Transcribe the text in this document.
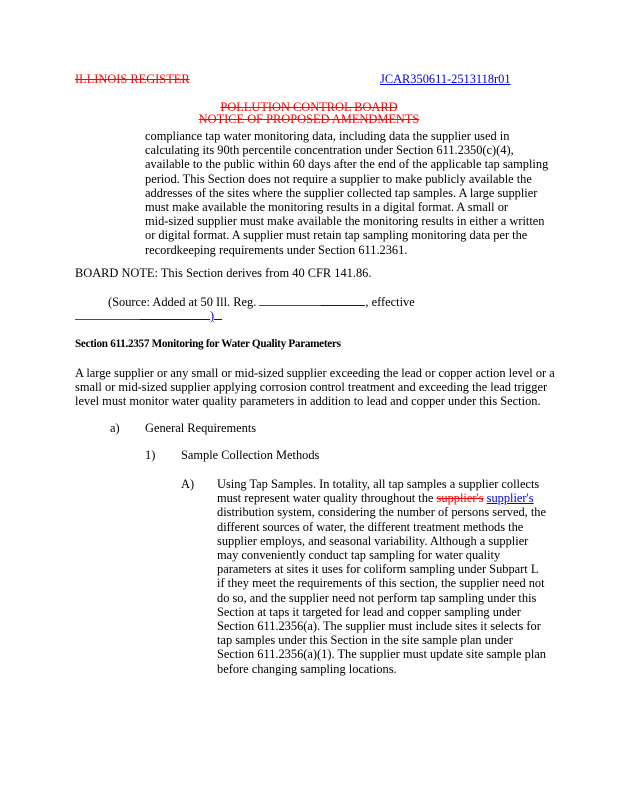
ILLINOIS REGISTER	JCAR350611-2513118r01
POLLUTION CONTROL BOARD
NOTICE OF PROPOSED AMENDMENTS
compliance tap water monitoring data, including data the supplier used in
calculating its 90th percentile concentration under Section 611.2350(c)(4),
available to the public within 60 days after the end of the applicable tap sampling
period. This Section does not require a supplier to make publicly available the
addresses of the sites where the supplier collected tap samples. A large supplier
must make available the monitoring results in a digital format. A small or
mid-sized supplier must make available the monitoring results in either a written
or digital format. A supplier must retain tap sampling monitoring data per the
recordkeeping requirements under Section 611.2361.
BOARD NOTE: This Section derives from 40 CFR 141.86.
(Source: Added at 50 Ill. Reg.	, effective
)
Section 611.2357 Monitoring for Water Quality Parameters
A large supplier or any small or mid-sized supplier exceeding the lead or copper action level or a
small or mid-sized supplier applying corrosion control treatment and exceeding the lead trigger
level must monitor water quality parameters in addition to lead and copper under this Section.
a) General Requirements
1) Sample Collection Methods
A) Using Tap Samples. In totality, all tap samples a supplier collects
must represent water quality throughout the supplier's supplier's
distribution system, considering the number of persons served, the
different sources of water, the different treatment methods the
supplier employs, and seasonal variability. Although a supplier
may conveniently conduct tap sampling for water quality
parameters at sites it uses for coliform sampling under Subpart L
if they meet the requirements of this section, the supplier need not
do so, and the supplier need not perform tap sampling under this
Section at taps it targeted for lead and copper sampling under
Section 611.2356(a). The supplier must include sites it selects for
tap samples under this Section in the site sample plan under
Section 611.2356(a)(1). The supplier must update site sample plan
before changing sampling locations.
